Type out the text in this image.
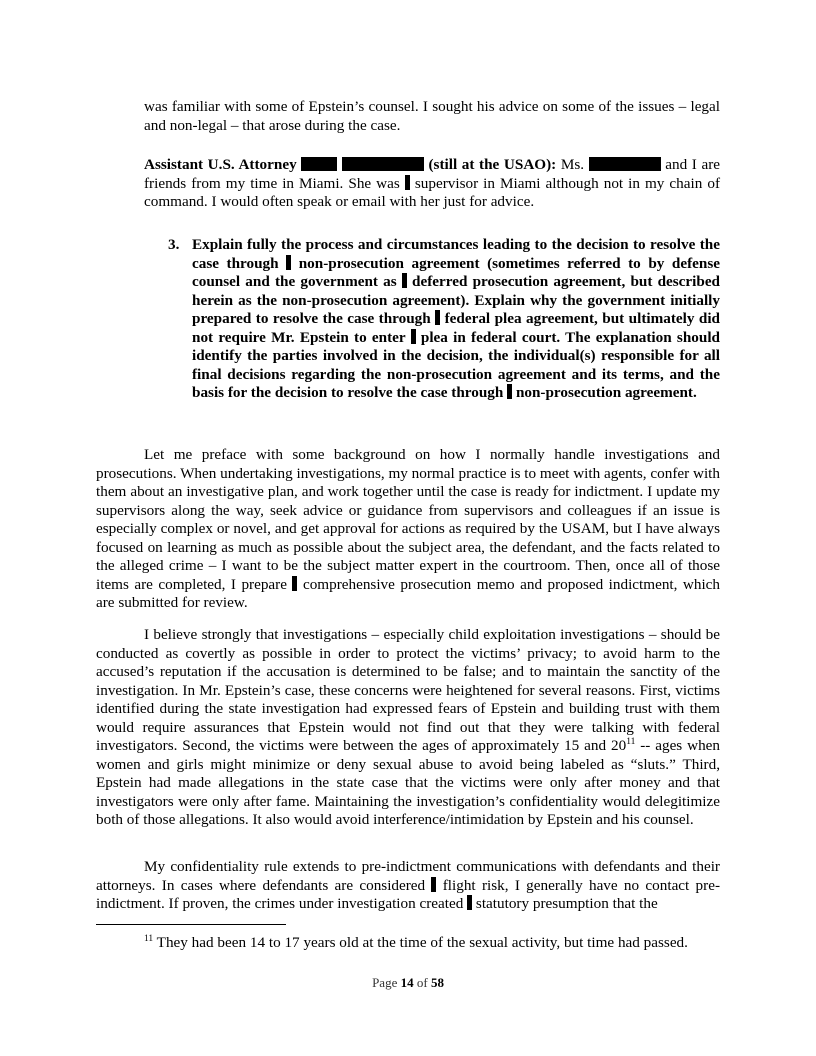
was familiar with some of Epstein’s counsel. I sought his advice on some of the issues – legal and non-legal – that arose during the case.

Assistant U.S. Attorney	(still at the USAO): Ms.	and I are friends from my time in Miami. She was supervisor in Miami although not in my chain of command. I would often speak or email with her just for advice.

3. Explain fully the process and circumstances leading to the decision to resolve the case through non-prosecution agreement (sometimes referred to by defense counsel and the government as deferred prosecution agreement, but described herein as the non-prosecution agreement). Explain why the government initially prepared to resolve the case through federal plea agreement, but ultimately did not require Mr. Epstein to enter plea in federal court. The explanation should identify the parties involved in the decision, the individual(s) responsible for all final decisions regarding the non-prosecution agreement and its terms, and the basis for the decision to resolve the case through non-prosecution agreement.

Let me preface with some background on how I normally handle investigations and prosecutions. When undertaking investigations, my normal practice is to meet with agents, confer with them about an investigative plan, and work together until the case is ready for indictment. I update my supervisors along the way, seek advice or guidance from supervisors and colleagues if an issue is especially complex or novel, and get approval for actions as required by the USAM, but I have always focused on learning as much as possible about the subject area, the defendant, and the facts related to the alleged crime – I want to be the subject matter expert in the courtroom. Then, once all of those items are completed, I prepare comprehensive prosecution memo and proposed indictment, which are submitted for review.

I believe strongly that investigations – especially child exploitation investigations – should be conducted as covertly as possible in order to protect the victims’ privacy; to avoid harm to the accused’s reputation if the accusation is determined to be false; and to maintain the sanctity of the investigation. In Mr. Epstein’s case, these concerns were heightened for several reasons. First, victims identified during the state investigation had expressed fears of Epstein and building trust with them would require assurances that Epstein would not find out that they were talking with federal investigators. Second, the victims were between the ages of approximately 15 and $20^{11}$ -- ages when women and girls might minimize or deny sexual abuse to avoid being labeled as “sluts.” Third, Epstein had made allegations in the state case that the victims were only after money and that investigators were only after fame. Maintaining the investigation’s confidentiality would delegitimize both of those allegations. It also would avoid interference/intimidation by Epstein and his counsel.

My confidentiality rule extends to pre-indictment communications with defendants and their attorneys. In cases where defendants are considered flight risk, I generally have no contact pre-indictment. If proven, the crimes under investigation created statutory presumption that the

$^{11}$ They had been 14 to 17 years old at the time of the sexual activity, but time had passed.
Page 14 of 58
